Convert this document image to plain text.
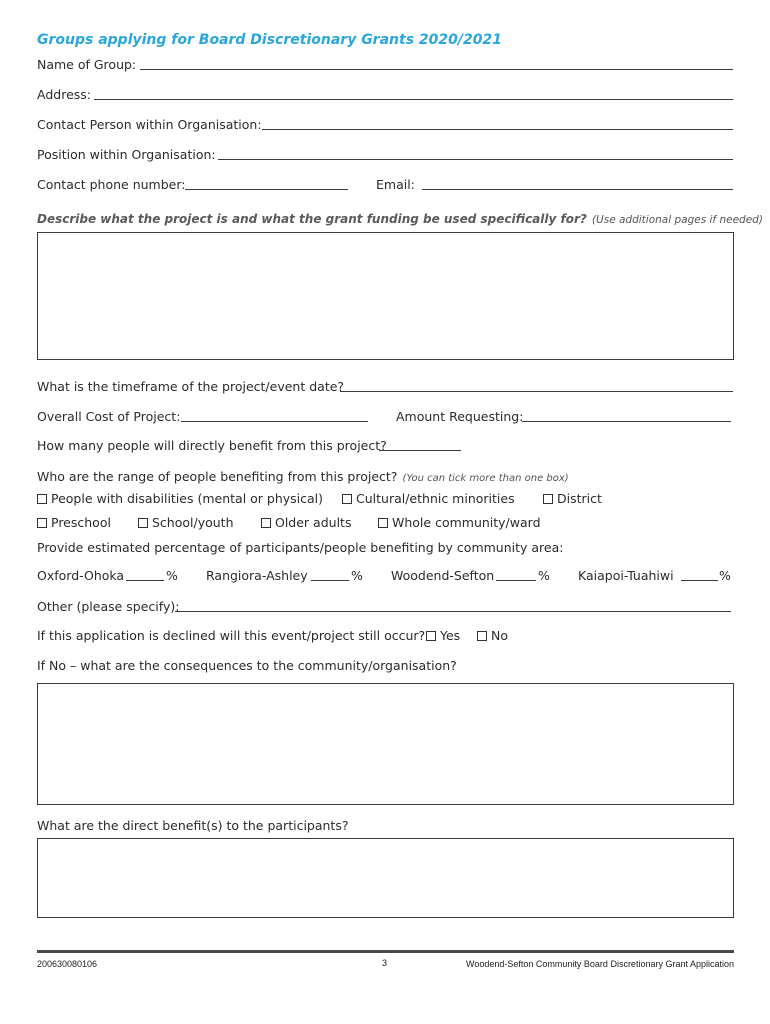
Groups applying for Board Discretionary Grants 2020/2021
Name of Group:
Address:
Contact Person within Organisation:
Position within Organisation:
Contact phone number:	Email:
Describe what the project is and what the grant funding be used specifically for? (Use additional pages if needed)
What is the timeframe of the project/event date?
Overall Cost of Project:	Amount Requesting:
How many people will directly benefit from this project?
Who are the range of people benefiting from this project? (You can tick more than one box)
People with disabilities (mental or physical)	Cultural/ethnic minorities	District
Preschool	School/youth	Older adults	Whole community/ward
Provide estimated percentage of participants/people benefiting by community area:
Oxford-Ohoka	% Rangiora-Ashley	% Woodend-Sefton	% Kaiapoi-Tuahiwi	%
Other (please specify):
If this application is declined will this event/project still occur?	Yes	No
If No – what are the consequences to the community/organisation?
What are the direct benefit(s) to the participants?
200630080106	3	Woodend-Sefton Community Board Discretionary Grant Application
